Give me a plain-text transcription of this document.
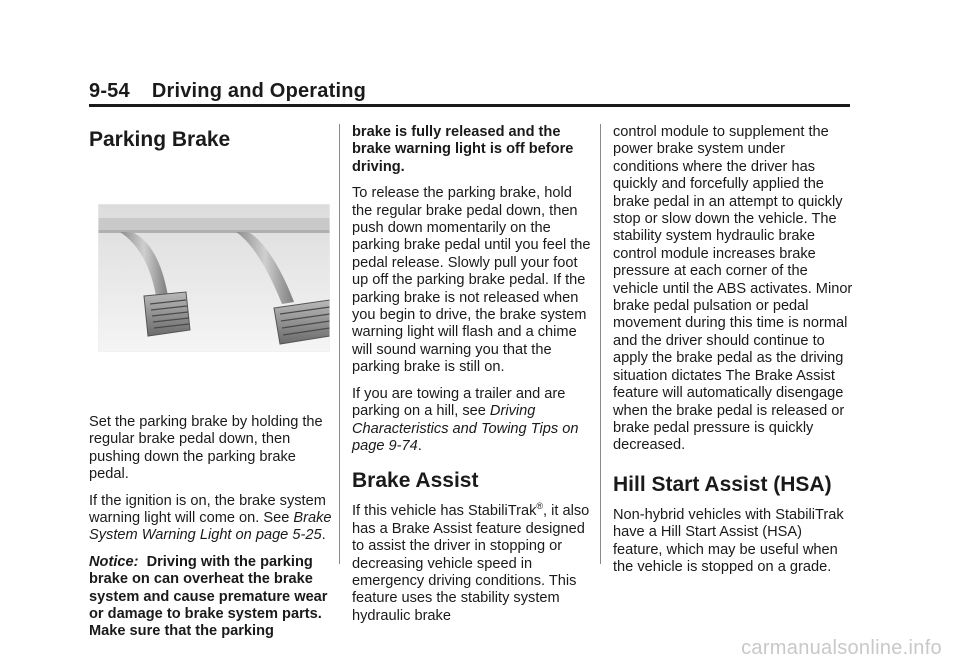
9-54 Driving and Operating
Parking Brake

Set the parking brake by holding the regular brake pedal down, then pushing down the parking brake pedal.

If the ignition is on, the brake system warning light will come on. See Brake System Warning Light on page 5-25.

Notice: Driving with the parking brake on can overheat the brake system and cause premature wear or damage to brake system parts. Make sure that the parking

brake is fully released and the brake warning light is off before driving.

To release the parking brake, hold the regular brake pedal down, then push down momentarily on the parking brake pedal until you feel the pedal release. Slowly pull your foot up off the parking brake pedal. If the parking brake is not released when you begin to drive, the brake system warning light will flash and a chime will sound warning you that the parking brake is still on.

If you are towing a trailer and are parking on a hill, see Driving Characteristics and Towing Tips on page 9-74.

Brake Assist

If this vehicle has StabiliTrak®, it also has a Brake Assist feature designed to assist the driver in stopping or decreasing vehicle speed in emergency driving conditions. This feature uses the stability system hydraulic brake

control module to supplement the power brake system under conditions where the driver has quickly and forcefully applied the brake pedal in an attempt to quickly stop or slow down the vehicle. The stability system hydraulic brake control module increases brake pressure at each corner of the vehicle until the ABS activates. Minor brake pedal pulsation or pedal movement during this time is normal and the driver should continue to apply the brake pedal as the driving situation dictates The Brake Assist feature will automatically disengage when the brake pedal is released or brake pedal pressure is quickly decreased.

Hill Start Assist (HSA)

Non-hybrid vehicles with StabiliTrak have a Hill Start Assist (HSA) feature, which may be useful when the vehicle is stopped on a grade.

carmanualsonline.info
